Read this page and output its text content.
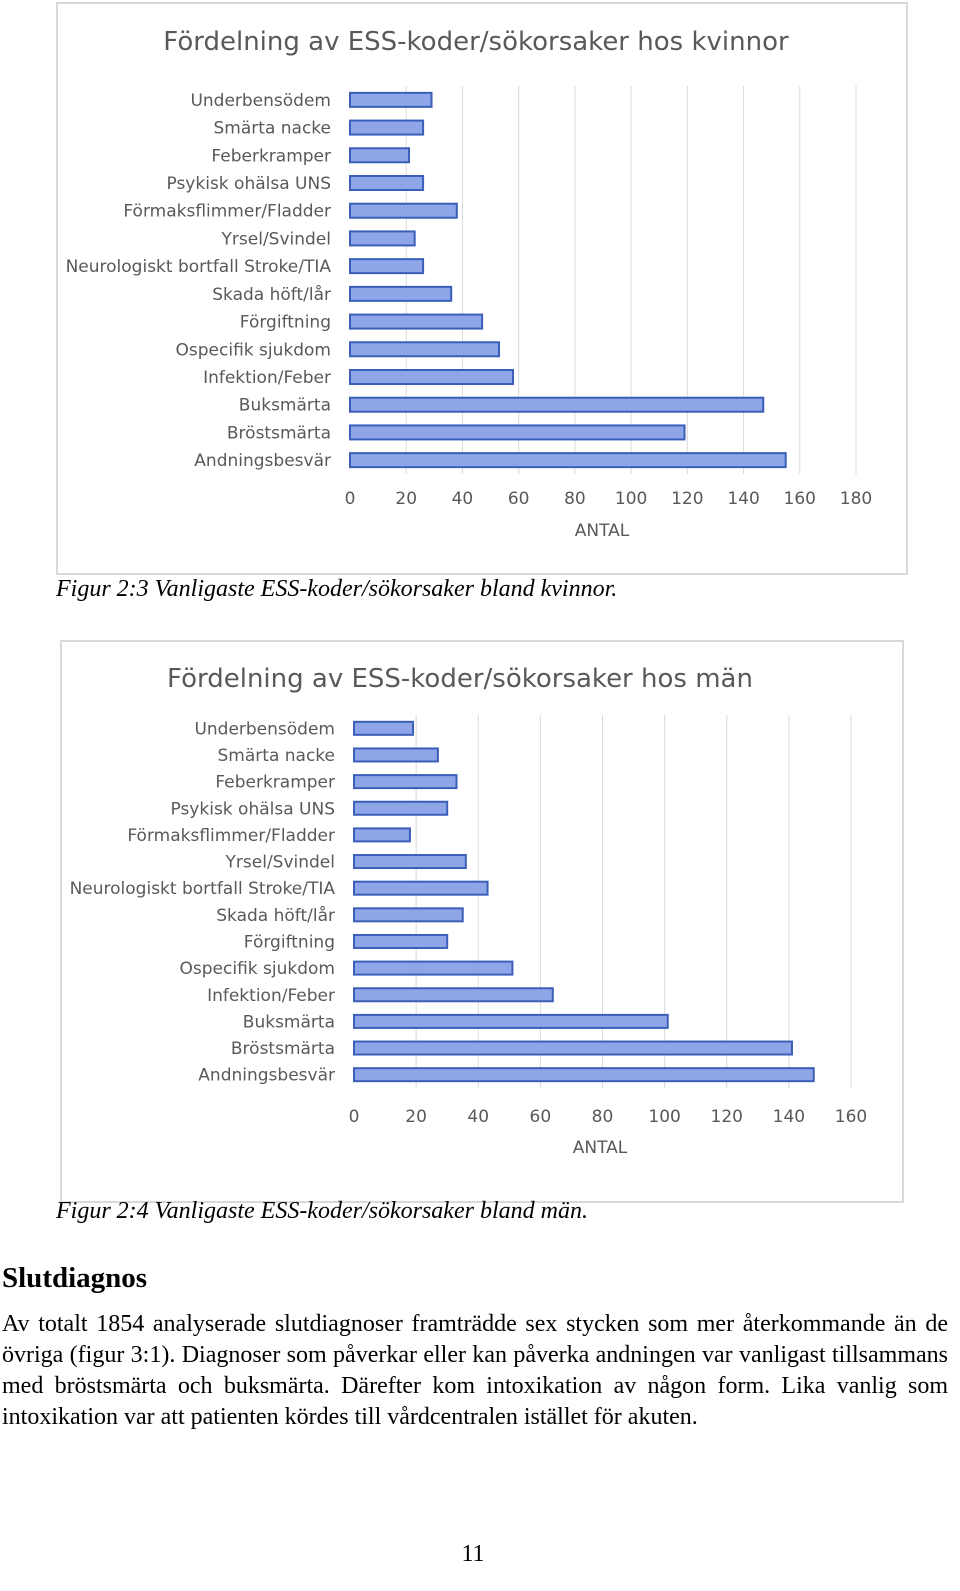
Fördelning av ESS-koder/sökorsaker hos kvinnor
0 20 40 60 80 100 120 140 160 180
Underbensödem
Smärta nacke
Feberkramper
Psykisk ohälsa UNS
Förmaksflimmer/Fladder
Yrsel/Svindel
Neurologiskt bortfall Stroke/TIA
Skada höft/lår
Förgiftning
Ospecifik sjukdom
Infektion/Feber
Buksmärta
Bröstsmärta
Andningsbesvär
ANTAL

Figur 2:3 Vanligaste ESS-koder/sökorsaker bland kvinnor.

Fördelning av ESS-koder/sökorsaker hos män
0	20 40 60 80 100 120 140 160
Underbensödem
Smärta nacke
Feberkramper
Psykisk ohälsa UNS
Förmaksflimmer/Fladder
Yrsel/Svindel
Neurologiskt bortfall Stroke/TIA
Skada höft/lår
Förgiftning
Ospecifik sjukdom
Infektion/Feber
Buksmärta
Bröstsmärta
Andningsbesvär
ANTAL

Figur 2:4 Vanligaste ESS-koder/sökorsaker bland män.

Slutdiagnos

Av totalt 1854 analyserade slutdiagnoser framträdde sex stycken som mer återkommande än de övriga (figur 3:1). Diagnoser som påverkar eller kan påverka andningen var vanligast tillsammans med bröstsmärta och buksmärta. Därefter kom intoxikation av någon form. Lika vanlig som intoxikation var att patienten kördes till vårdcentralen istället för akuten.

11
